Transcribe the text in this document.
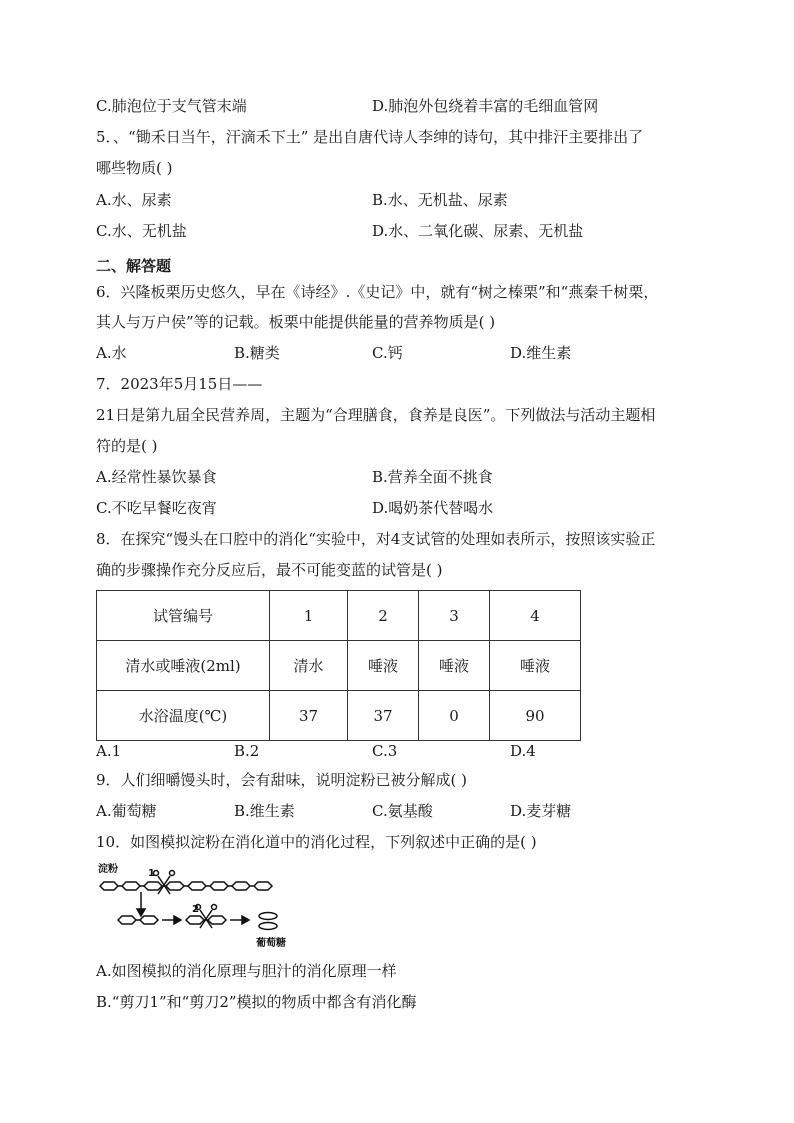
C.肺泡位于支气管末端	D.肺泡外包绕着丰富的毛细血管网
5．、“锄禾日当午，汗滴禾下土” 是出自唐代诗人李绅的诗句，其中排汗主要排出了
哪些物质( )
A.水、尿素	B.水、无机盐、尿素
C.水、无机盐	D.水、二氧化碳、尿素、无机盐
二、解答题
6．兴隆板栗历史悠久，早在《诗经》.《史记》中，就有“树之榛栗”和“燕秦千树栗，
其人与万户侯”等的记载。板栗中能提供能量的营养物质是( )
A.水	B.糖类	C.钙	D.维生素
7．2023年5月15日——
21日是第九届全民营养周，主题为“合理膳食，食养是良医”。下列做法与活动主题相
符的是( )
A.经常性暴饮暴食	B.营养全面不挑食
C.不吃早餐吃夜宵	D.喝奶茶代替喝水
8．在探究“馒头在口腔中的消化“实验中，对4支试管的处理如表所示，按照该实验正
确的步骤操作充分反应后，最不可能变蓝的试管是( )
试管编号	1	2	3	4
清水或唾液(2ml)	清水	唾液	唾液	唾液
水浴温度(℃)	37	37	0	90
A.1	B.2	C.3	D.4
9．人们细嚼馒头时，会有甜味，说明淀粉已被分解成( )
A.葡萄糖	B.维生素	C.氨基酸	D.麦芽糖
10．如图模拟淀粉在消化道中的消化过程，下列叙述中正确的是( )
淀粉	1
2
葡萄糖
A.如图模拟的消化原理与胆汁的消化原理一样
B.“剪刀1”和“剪刀2”模拟的物质中都含有消化酶
